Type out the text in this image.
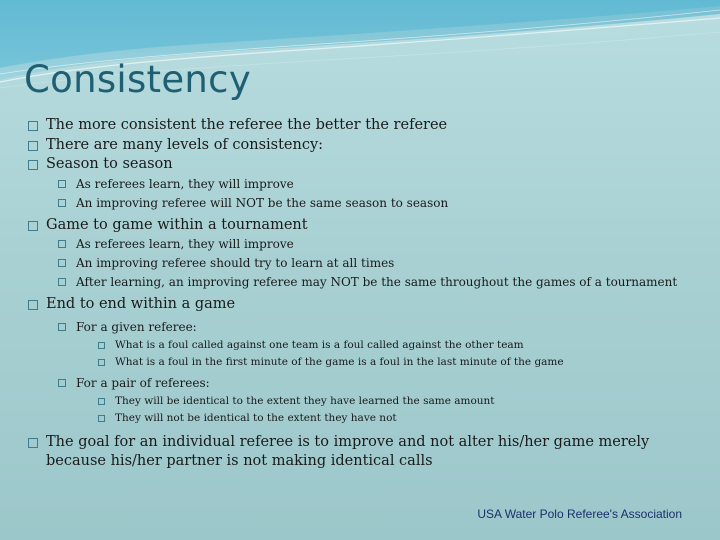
Consistency
The more consistent the referee the better the referee
There are many levels of consistency:
Season to season
As referees learn, they will improve
An improving referee will NOT be the same season to season
Game to game within a tournament
As referees learn, they will improve
An improving referee should try to learn at all times
After learning, an improving referee may NOT be the same throughout the games of a tournament
End to end within a game
For a given referee:
What is a foul called against one team is a foul called against the other team
What is a foul in the first minute of the game is a foul in the last minute of the game
For a pair of referees:
They will be identical to the extent they have learned the same amount
They will not be identical to the extent they have not
The goal for an individual referee is to improve and not alter his/her game merely because his/her partner is not making identical calls
USA Water Polo Referee's Association
